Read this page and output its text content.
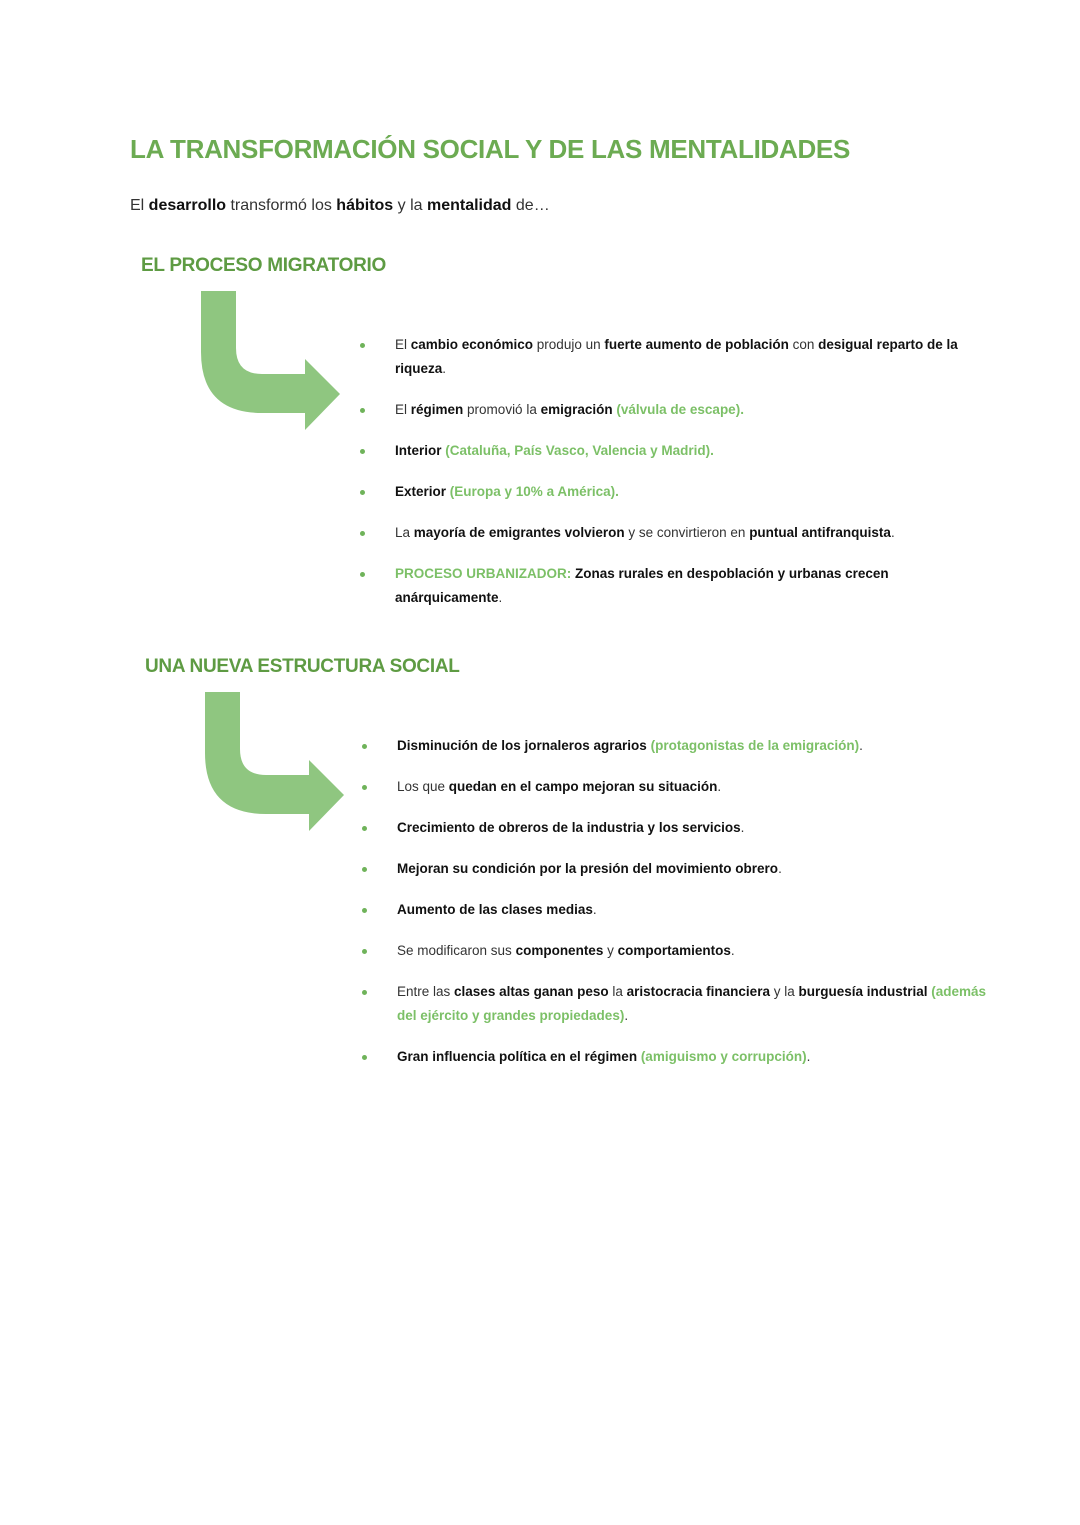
LA TRANSFORMACIÓN SOCIAL Y DE LAS MENTALIDADES

El desarrollo transformó los hábitos y la mentalidad de…

EL PROCESO MIGRATORIO
El cambio económico produjo un fuerte aumento de población con desigual reparto de la riqueza.
El régimen promovió la emigración (válvula de escape).
Interior (Cataluña, País Vasco, Valencia y Madrid).
Exterior (Europa y 10% a América).
La mayoría de emigrantes volvieron y se convirtieron en puntual antifranquista.
PROCESO URBANIZADOR: Zonas rurales en despoblación y urbanas crecen anárquicamente.
UNA NUEVA ESTRUCTURA SOCIAL
Disminución de los jornaleros agrarios (protagonistas de la emigración).
Los que quedan en el campo mejoran su situación.
Crecimiento de obreros de la industria y los servicios.
Mejoran su condición por la presión del movimiento obrero.
Aumento de las clases medias.
Se modificaron sus componentes y comportamientos.
Entre las clases altas ganan peso la aristocracia financiera y la burguesía industrial (además del ejército y grandes propiedades).
Gran influencia política en el régimen (amiguismo y corrupción).
